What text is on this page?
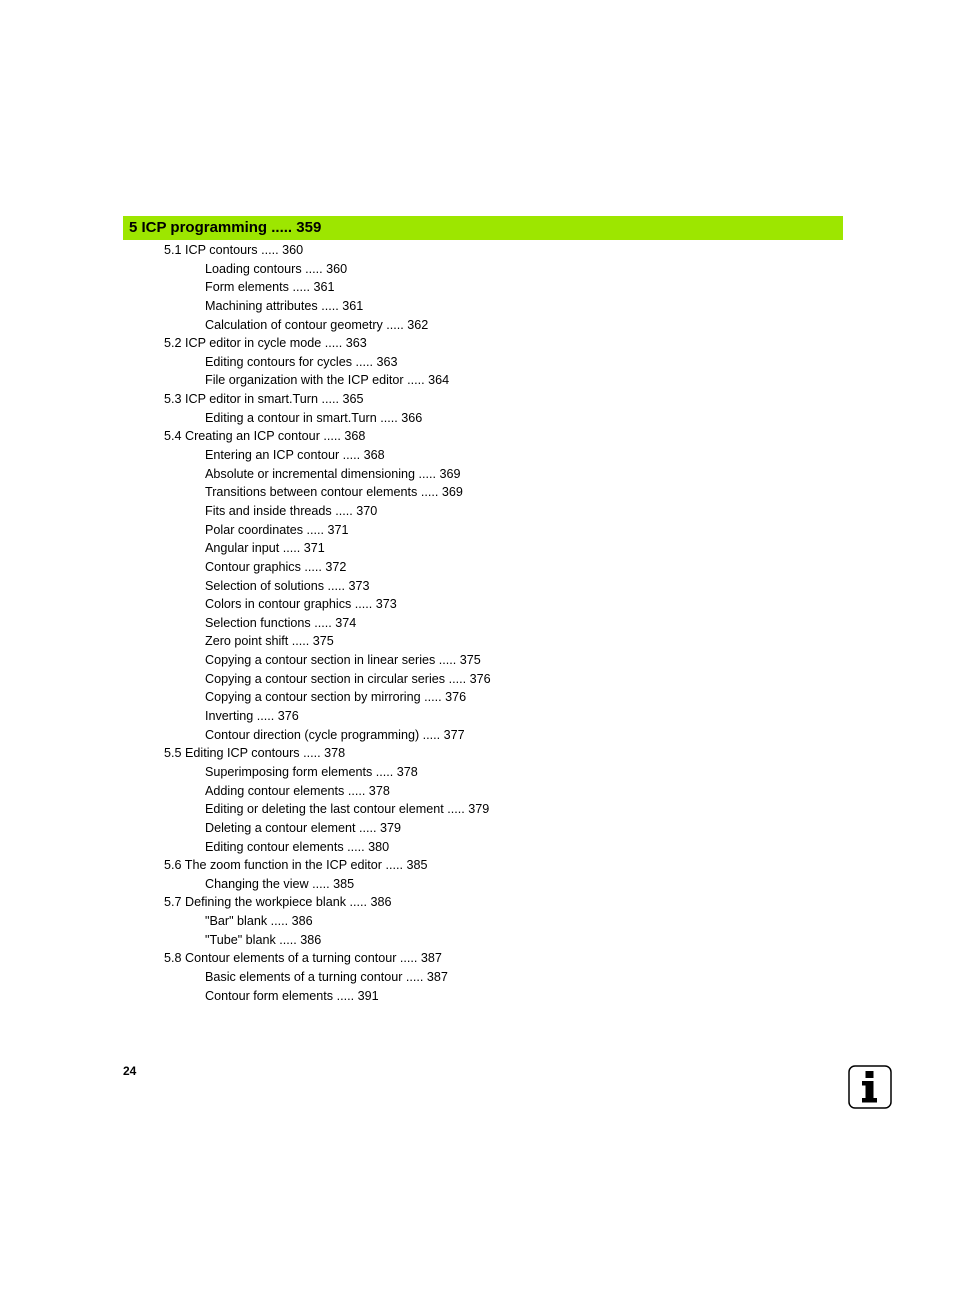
5 ICP programming ..... 359
5.1 ICP contours ..... 360
Loading contours ..... 360
Form elements ..... 361
Machining attributes ..... 361
Calculation of contour geometry ..... 362
5.2 ICP editor in cycle mode ..... 363
Editing contours for cycles ..... 363
File organization with the ICP editor ..... 364
5.3 ICP editor in smart.Turn ..... 365
Editing a contour in smart.Turn ..... 366
5.4 Creating an ICP contour ..... 368
Entering an ICP contour ..... 368
Absolute or incremental dimensioning ..... 369
Transitions between contour elements ..... 369
Fits and inside threads ..... 370
Polar coordinates ..... 371
Angular input ..... 371
Contour graphics ..... 372
Selection of solutions ..... 373
Colors in contour graphics ..... 373
Selection functions ..... 374
Zero point shift ..... 375
Copying a contour section in linear series ..... 375
Copying a contour section in circular series ..... 376
Copying a contour section by mirroring ..... 376
Inverting ..... 376
Contour direction (cycle programming) ..... 377
5.5 Editing ICP contours ..... 378
Superimposing form elements ..... 378
Adding contour elements ..... 378
Editing or deleting the last contour element ..... 379
Deleting a contour element ..... 379
Editing contour elements ..... 380
5.6 The zoom function in the ICP editor ..... 385
Changing the view ..... 385
5.7 Defining the workpiece blank ..... 386
"Bar" blank ..... 386
"Tube" blank ..... 386
5.8 Contour elements of a turning contour ..... 387
Basic elements of a turning contour ..... 387
Contour form elements ..... 391
24
